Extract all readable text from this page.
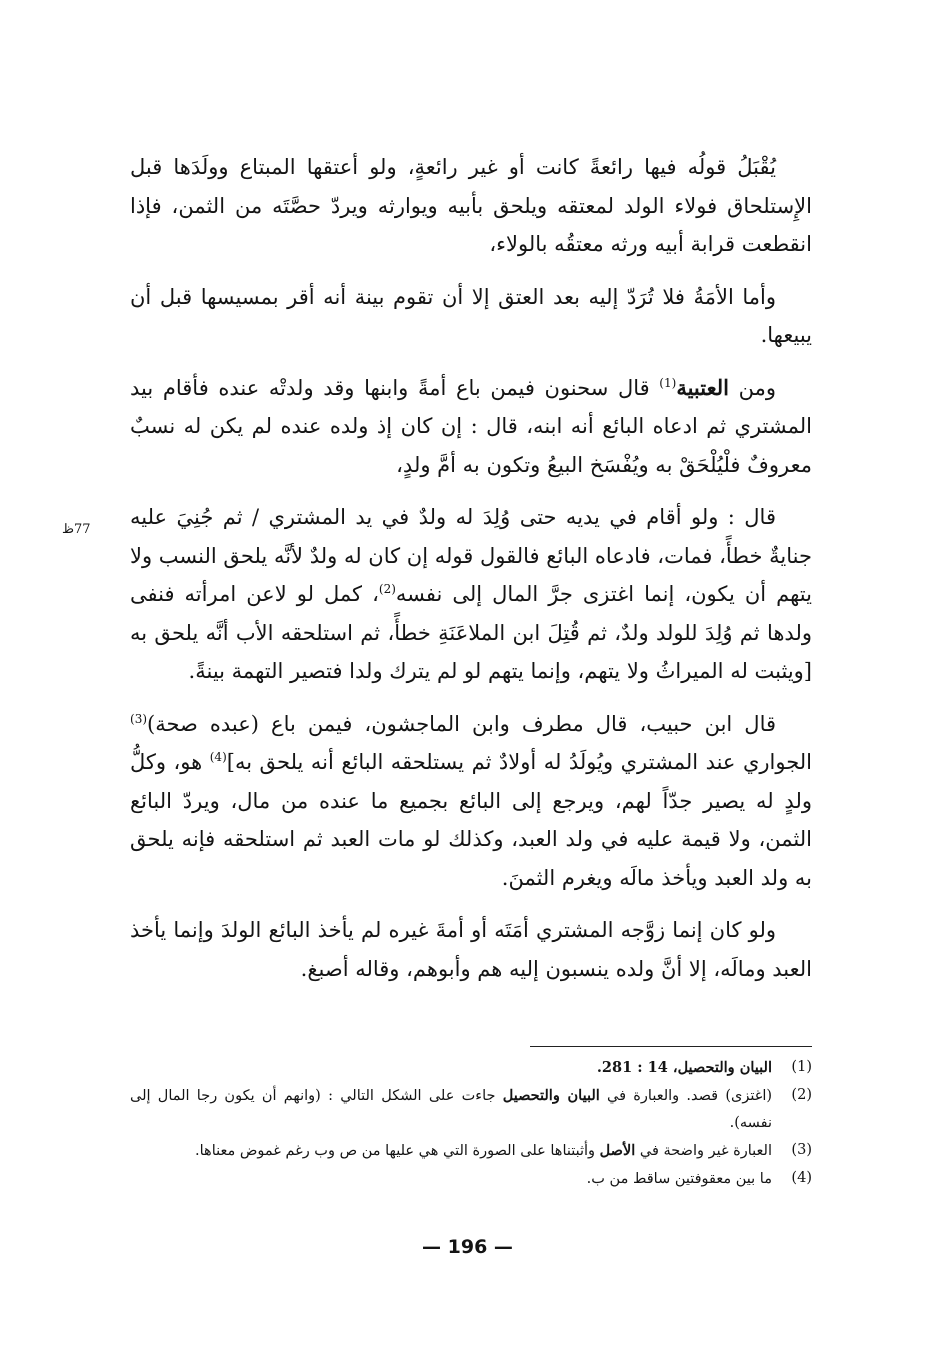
يُقْبَلُ قولُه فيها رائعةً كانت أو غير رائعةٍ، ولو أعتقها المبتاع وولَدَها قبل الإِستلحاق فولاء الولد لمعتقه ويلحق بأبيه ويوارثه ويردّ حصَّتَه من الثمن، فإذا انقطعت قرابة أبيه ورثه معتقُه بالولاء،

وأما الأمَةُ فلا تُرَدّ إليه بعد العتق إلا أن تقوم بينة أنه أقر بمسيسها قبل أن يبيعها.

ومن العتبية$^{(1)}$ قال سحنون فيمن باع أمةً وابنها وقد ولدتْه عنده فأقام بيد المشتري ثم ادعاه البائع أنه ابنه، قال : إن كان إذ ولده عنده لم يكن له نسبٌ معروفٌ فلْيُلْحَقْ به ويُفْسَخ البيعُ وتكون به أمَّ ولدٍ،

قال : ولو أقام في يديه حتى وُلِدَ له ولدٌ في يد المشتري / ثم جُنِيَ عليه جنايةٌ خطأً، فمات، فادعاه البائع فالقول قوله إن كان له ولدٌ لأنَّه يلحق النسب ولا يتهم أن يكون، إنما اغتزى جرَّ المال إلى نفسه$^{(2)}$، كمل لو لاعن امرأته فنفى ولدها ثم وُلِدَ للولد ولدٌ، ثم قُتِلَ ابن الملاعَنَةِ خطأً، ثم استلحقه الأب أنَّه يلحق به [ويثبت له الميراثُ ولا يتهم، وإنما يتهم لو لم يترك ولدا فتصير التهمة بينةً.

قال ابن حبيب، قال مطرف وابن الماجشون، فيمن باع (عبده صحة)$^{(3)}$ الجواري عند المشتري ويُولَدُ له أولادٌ ثم يستلحقه البائع أنه يلحق به]$^{(4)}$ هو، وكلُّ ولدٍ له يصير جدّاً لهم، ويرجع إلى البائع بجميع ما عنده من مال، ويردّ البائع الثمن، ولا قيمة عليه في ولد العبد، وكذلك لو مات العبد ثم استلحقه فإنه يلحق به ولد العبد ويأخذ مالَه ويغرم الثمنَ.

ولو كان إنما زوَّجه المشتري أمَتَه أو أمةَ غيره لم يأخذ البائع الولدَ وإنما يأخذ العبد ومالَه، إلا أنَّ ولده ينسبون إليه هم وأبوهم، وقاله أصبغ.

77ظ
(1)
البيان والتحصيل، 14 : 281.
(2)
(اغتزى) قصد. والعبارة في البيان والتحصيل جاءت على الشكل التالي : (وانهم أن يكون رجا المال إلى نفسه).
(3)
العبارة غير واضحة في الأصل وأثبتناها على الصورة التي هي عليها من ص وب رغم غموض معناها.
(4)
ما بين معقوفتين ساقط من ب.
— 196 —
